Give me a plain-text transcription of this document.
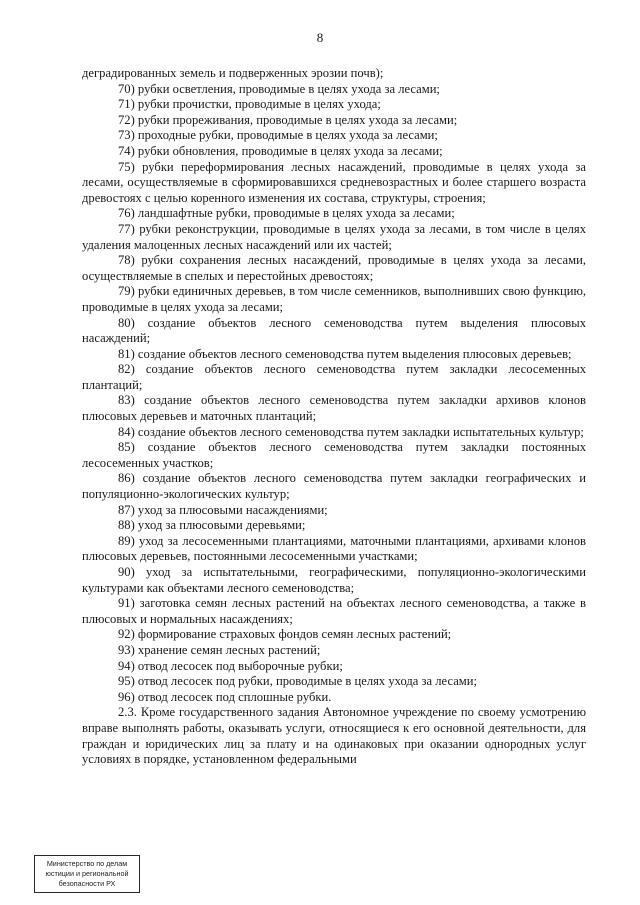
8

деградированных земель и подверженных эрозии почв);

70) рубки осветления, проводимые в целях ухода за лесами;

71) рубки прочистки, проводимые в целях ухода;

72) рубки прореживания, проводимые в целях ухода за лесами;

73) проходные рубки, проводимые в целях ухода за лесами;

74) рубки обновления, проводимые в целях ухода за лесами;

75) рубки переформирования лесных насаждений, проводимые в целях ухода за лесами, осуществляемые в сформировавшихся средневозрастных и более старшего возраста древостоях с целью коренного изменения их состава, структуры, строения;

76) ландшафтные рубки, проводимые в целях ухода за лесами;

77) рубки реконструкции, проводимые в целях ухода за лесами, в том числе в целях удаления малоценных лесных насаждений или их частей;

78) рубки сохранения лесных насаждений, проводимые в целях ухода за лесами, осуществляемые в спелых и перестойных древостоях;

79) рубки единичных деревьев, в том числе семенников, выполнивших свою функцию, проводимые в целях ухода за лесами;

80) создание объектов лесного семеноводства путем выделения плюсовых насаждений;

81) создание объектов лесного семеноводства путем выделения плюсовых деревьев;

82) создание объектов лесного семеноводства путем закладки лесосеменных плантаций;

83) создание объектов лесного семеноводства путем закладки архивов клонов плюсовых деревьев и маточных плантаций;

84) создание объектов лесного семеноводства путем закладки испытательных культур;

85) создание объектов лесного семеноводства путем закладки постоянных лесосеменных участков;

86) создание объектов лесного семеноводства путем закладки географических и популяционно-экологических культур;

87) уход за плюсовыми насаждениями;

88) уход за плюсовыми деревьями;

89) уход за лесосеменными плантациями, маточными плантациями, архивами клонов плюсовых деревьев, постоянными лесосеменными участками;

90) уход за испытательными, географическими, популяционно-экологическими культурами как объектами лесного семеноводства;

91) заготовка семян лесных растений на объектах лесного семеноводства, а также в плюсовых и нормальных насаждениях;

92) формирование страховых фондов семян лесных растений;

93) хранение семян лесных растений;

94) отвод лесосек под выборочные рубки;

95) отвод лесосек под рубки, проводимые в целях ухода за лесами;

96) отвод лесосек под сплошные рубки.

2.3. Кроме государственного задания Автономное учреждение по своему усмотрению вправе выполнять работы, оказывать услуги, относящиеся к его основной деятельности, для граждан и юридических лиц за плату и на одинаковых при оказании однородных услуг условиях в порядке, установленном федеральными

Министерство по делам
юстиции и региональной
безопасности РХ
